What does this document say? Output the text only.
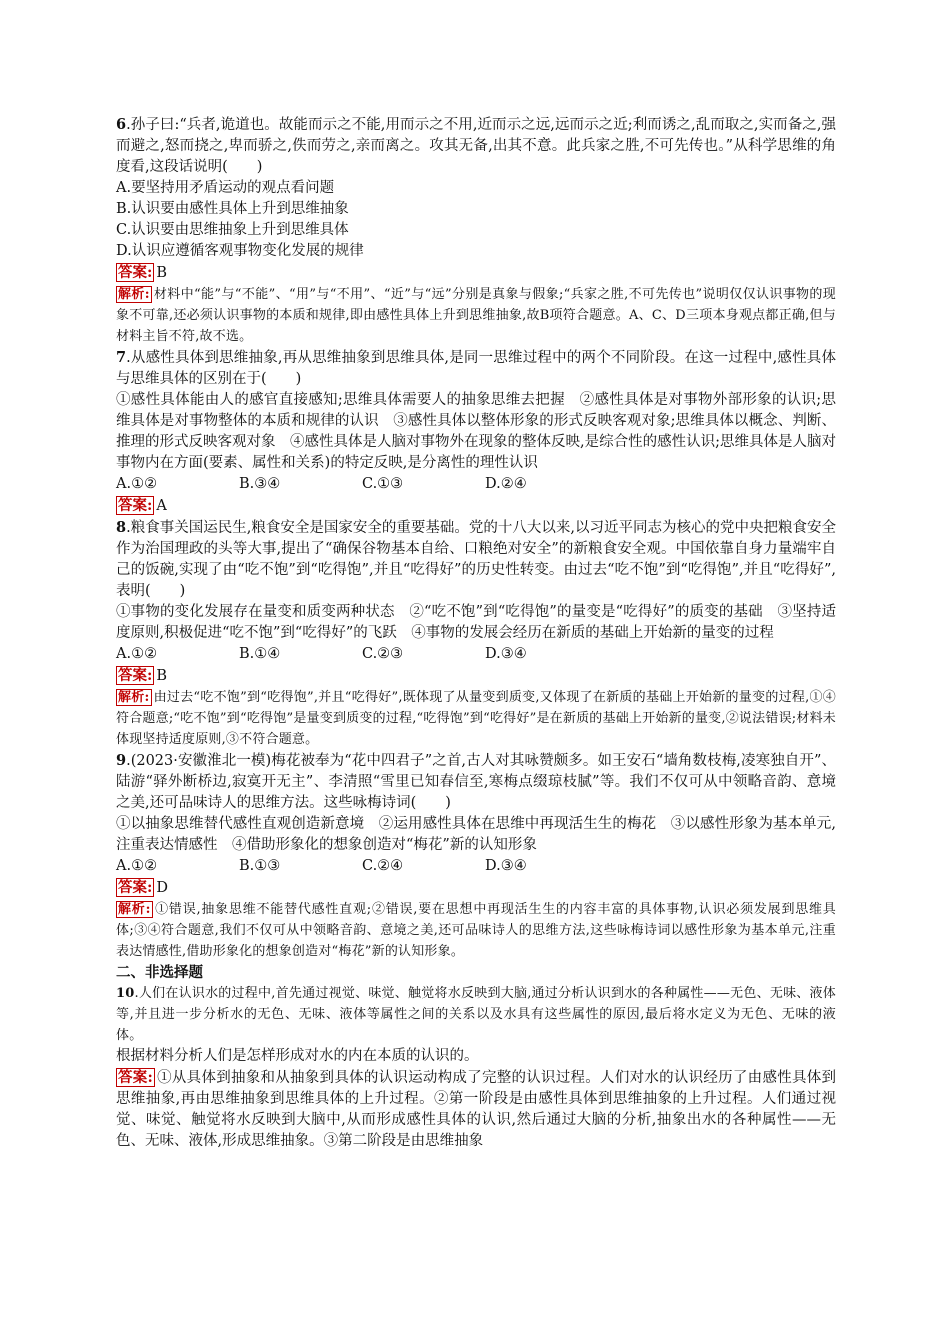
6.孙子曰:“兵者,诡道也。故能而示之不能,用而示之不用,近而示之远,远而示之近;利而诱之,乱而取之,实而备之,强而避之,怒而挠之,卑而骄之,佚而劳之,亲而离之。攻其无备,出其不意。此兵家之胜,不可先传也。”从科学思维的角度看,这段话说明(　　)

A.要坚持用矛盾运动的观点看问题

B.认识要由感性具体上升到思维抽象

C.认识要由思维抽象上升到思维具体

D.认识应遵循客观事物变化发展的规律

答案: B

解析: 材料中“能”与“不能”、“用”与“不用”、“近”与“远”分别是真象与假象;“兵家之胜,不可先传也”说明仅仅认识事物的现象不可靠,还必须认识事物的本质和规律,即由感性具体上升到思维抽象,故B项符合题意。A、C、D三项本身观点都正确,但与材料主旨不符,故不选。

7.从感性具体到思维抽象,再从思维抽象到思维具体,是同一思维过程中的两个不同阶段。在这一过程中,感性具体与思维具体的区别在于(　　)

①感性具体能由人的感官直接感知;思维具体需要人的抽象思维去把握　②感性具体是对事物外部形象的认识;思维具体是对事物整体的本质和规律的认识　③感性具体以整体形象的形式反映客观对象;思维具体以概念、判断、推理的形式反映客观对象　④感性具体是人脑对事物外在现象的整体反映,是综合性的感性认识;思维具体是人脑对事物内在方面(要素、属性和关系)的特定反映,是分离性的理性认识

A.①②	B.③④	C.①③	D.②④

答案: A

8.粮食事关国运民生,粮食安全是国家安全的重要基础。党的十八大以来,以习近平同志为核心的党中央把粮食安全作为治国理政的头等大事,提出了“确保谷物基本自给、口粮绝对安全”的新粮食安全观。中国依靠自身力量端牢自己的饭碗,实现了由“吃不饱”到“吃得饱”,并且“吃得好”的历史性转变。由过去“吃不饱”到“吃得饱”,并且“吃得好”,表明(　　)

①事物的变化发展存在量变和质变两种状态　②“吃不饱”到“吃得饱”的量变是“吃得好”的质变的基础　③坚持适度原则,积极促进“吃不饱”到“吃得好”的飞跃　④事物的发展会经历在新质的基础上开始新的量变的过程

A.①②	B.①④	C.②③	D.③④

答案: B

解析: 由过去“吃不饱”到“吃得饱”,并且“吃得好”,既体现了从量变到质变,又体现了在新质的基础上开始新的量变的过程,①④符合题意;“吃不饱”到“吃得饱”是量变到质变的过程,“吃得饱”到“吃得好”是在新质的基础上开始新的量变,②说法错误;材料未体现坚持适度原则,③不符合题意。

9.(2023·安徽淮北一模)梅花被奉为“花中四君子”之首,古人对其咏赞颇多。如王安石“墙角数枝梅,凌寒独自开”、陆游“驿外断桥边,寂寞开无主”、李清照“雪里已知春信至,寒梅点缀琼枝腻”等。我们不仅可从中领略音韵、意境之美,还可品味诗人的思维方法。这些咏梅诗词(　　)

①以抽象思维替代感性直观创造新意境　②运用感性具体在思维中再现活生生的梅花　③以感性形象为基本单元,注重表达情感性　④借助形象化的想象创造对“梅花”新的认知形象

A.①②	B.①③	C.②④	D.③④

答案: D

解析: ①错误,抽象思维不能替代感性直观;②错误,要在思想中再现活生生的内容丰富的具体事物,认识必须发展到思维具体;③④符合题意,我们不仅可从中领略音韵、意境之美,还可品味诗人的思维方法,这些咏梅诗词以感性形象为基本单元,注重表达情感性,借助形象化的想象创造对“梅花”新的认知形象。

二、非选择题

10.人们在认识水的过程中,首先通过视觉、味觉、触觉将水反映到大脑,通过分析认识到水的各种属性——无色、无味、液体等,并且进一步分析水的无色、无味、液体等属性之间的关系以及水具有这些属性的原因,最后将水定义为无色、无味的液体。

根据材料分析人们是怎样形成对水的内在本质的认识的。

答案: ①从具体到抽象和从抽象到具体的认识运动构成了完整的认识过程。人们对水的认识经历了由感性具体到思维抽象,再由思维抽象到思维具体的上升过程。②第一阶段是由感性具体到思维抽象的上升过程。人们通过视觉、味觉、触觉将水反映到大脑中,从而形成感性具体的认识,然后通过大脑的分析,抽象出水的各种属性——无色、无味、液体,形成思维抽象。③第二阶段是由思维抽象
